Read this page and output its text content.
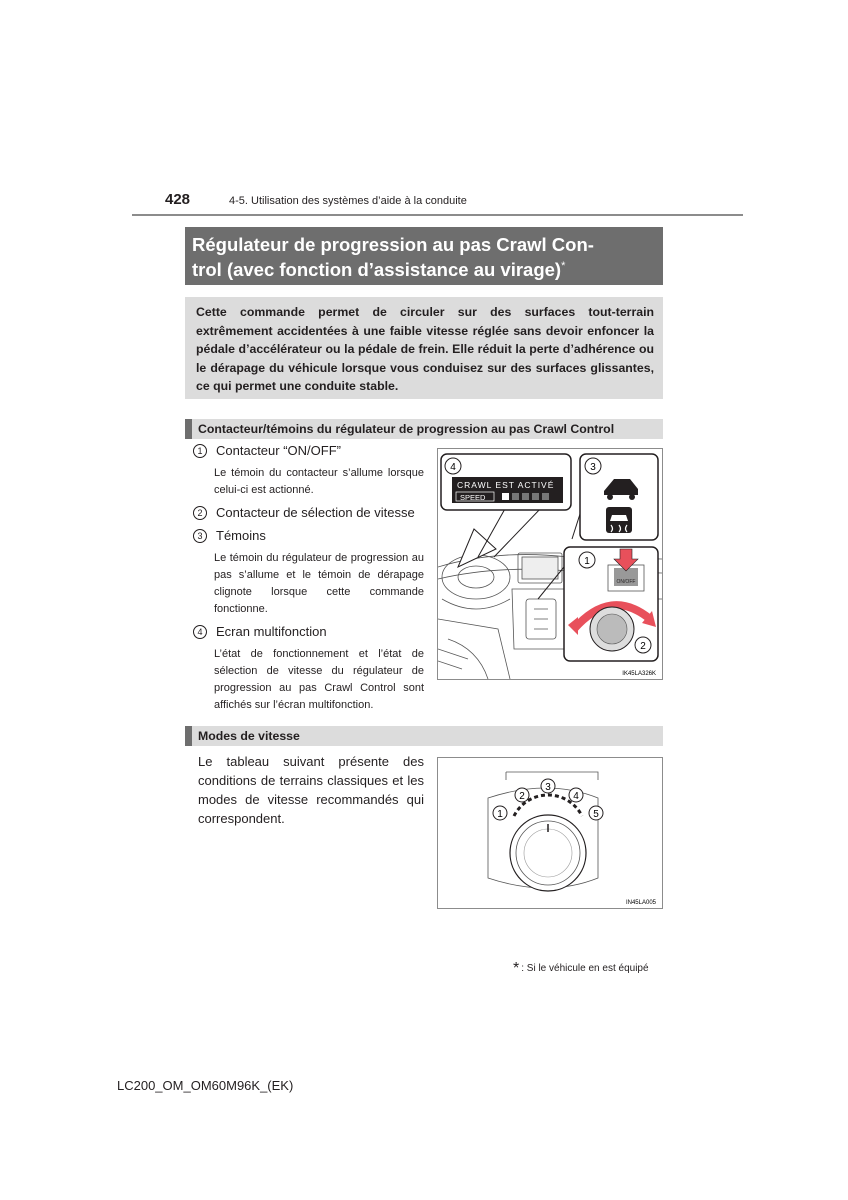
428	4-5. Utilisation des systèmes d’aide à la conduite
Régulateur de progression au pas Crawl Con-
trol (avec fonction d’assistance au virage)*
Cette commande permet de circuler sur des surfaces tout-terrain extrêmement accidentées à une faible vitesse réglée sans devoir enfoncer la pédale d’accélérateur ou la pédale de frein. Elle réduit la perte d’adhérence ou le dérapage du véhicule lorsque vous conduisez sur des surfaces glissantes, ce qui permet une conduite stable.
Contacteur/témoins du régulateur de progression au pas Crawl Control
1 Contacteur “ON/OFF”
Le témoin du contacteur s’allume lorsque celui-ci est actionné.
2 Contacteur de sélection de vitesse
3 Témoins
Le témoin du régulateur de progression au pas s’allume et le témoin de dérapage clignote lorsque cette commande fonctionne.
4 Ecran multifonction
L’état de fonctionnement et l’état de sélection de vitesse du régulateur de progression au pas Crawl Control sont affichés sur l’écran multifonction.
CRAWL EST ACTIVÉ
SPEED
4	3
ON/OFF
1
2
IK45LA326K
Modes de vitesse
Le tableau suivant présente des conditions de terrains classiques et les modes de vitesse recommandés qui correspondent.	1
2
3
4
5
IN45LA005
* : Si le véhicule en est équipé
LC200_OM_OM60M96K_(EK)
